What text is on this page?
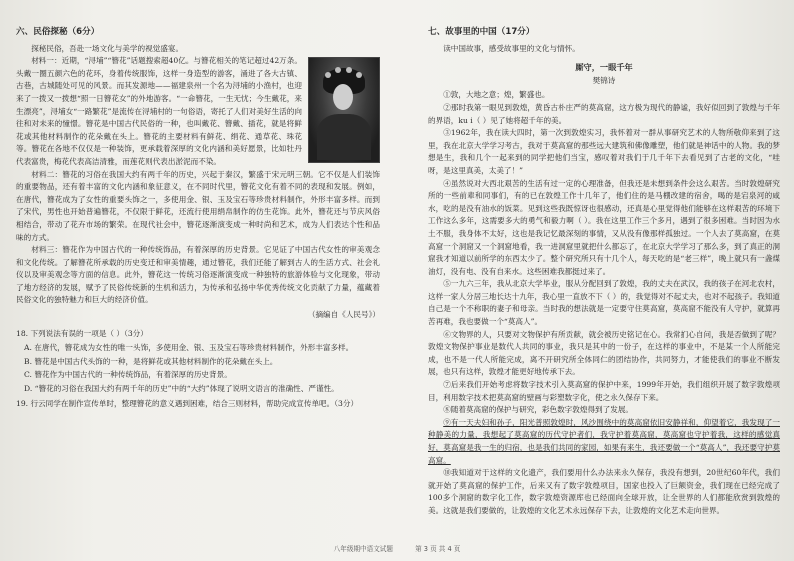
六、民俗探秘（6分）

探秘民俗，吾赴一场文化与美学的视觉盛宴。

材料一：近期，“浔埔”“簪花”话题搜索超40亿。与簪花相关的笔记超过42万条。头戴一圈五颜六色的花环，身着传统服饰，这样一身造型的游客，涌进了各大古镇、古巷，古城随处可见的风景。而其发源地——福建泉州一个名为浔埔的小渔村，也迎来了一拨又一拨想“照一日簪花女”的外地游客。“一命簪花，一生无忧；今生戴花，来生漂亮”，浔埔女“一路繁花”是流传在浔埔村的一句俗语，寄托了人们对美好生活的向往和对未来的憧憬。簪花是中国古代民俗的一种，也叫戴花、簪戴、插花，就是将鲜花或其他材料制作的花朵戴在头上。簪花的主要材料有鲜花、绢花、通草花、珠花等。簪花在各地不仅仅是一种装饰，更承载着深厚的文化内涵和美好愿景，比如牡丹代表富贵，梅花代表高洁清雅，而莲花则代表出淤泥而不染。

材料二：簪花的习俗在我国大约有两千年的历史，兴起于秦汉，繁盛于宋元明三朝。它不仅是人们装饰的重要物品，还有着丰富的文化内涵和象征意义，在不同时代里，簪花文化有着不同的表现和发展。例如，在唐代，簪花成为了女性的重要头饰之一，多使用金、银、玉及宝石等珍贵材料制作，外形丰富多样。而到了宋代，男性也开始普遍簪花，不仅限于鲜花，还流行使用绢帛制作的仿生花饰。此外，簪花还与节庆风俗相结合，带动了花卉市场的繁荣。在现代社会中，簪花逐渐演变成一种时尚和艺术，成为人们表达个性和品味的方式。

材料三：簪花作为中国古代的一种传统饰品，有着深厚的历史背景。它见证了中国古代女性的审美观念和文化传统。了解簪花所承载的历史变迁和审美情趣，通过簪花，我们还能了解到古人的生活方式、社会礼仪以及审美观念等方面的信息。此外，簪花这一传统习俗逐渐演变成一种独特的旅游体验与文化现象，带动了地方经济的发展，赋予了民俗传统新的生机和活力，为传承和弘扬中华优秀传统文化贡献了力量，蕴藏着民俗文化的独特魅力和巨大的经济价值。

（摘编自《人民号》）
18. 下列说法有误的一项是（ ）（3分）
A. 在唐代，簪花成为女性的唯一头饰，多使用金、银、玉及宝石等珍贵材料制作，外形丰富多样。
B. 簪花是中国古代头饰的一种，是将鲜花或其他材料制作的花朵戴在头上。
C. 簪花作为中国古代的一种传统饰品，有着深厚的历史背景。
D. “簪花的习俗在我国大约有两千年的历史”中的“大约”体现了说明文语言的准确性、严谨性。
19. 行云同学在制作宣传单时，整理簪花的意义遇到困难，结合三则材料，帮助完成宣传单吧。（3分）
七、故事里的中国（17分）

读中国故事，感受故事里的文化与情怀。

厮守，一眼千年
樊锦诗

①敦，大地之意；煌，繁盛也。

②那时我第一眼见到敦煌，黄昏古朴庄严的莫高窟，这方极为现代的静谧，我好似回到了敦煌与千年的界语，ku i（ ）见了她将超千年的美。

③1962年，我在读大四时，第一次到敦煌实习，我怀着对一群从事研究艺术的人物所敬仰来到了这里，我在北京大学学习考古，我对于莫高窟的那些远大建筑和佛像雕塑，他们就是神话中的人物。我的梦想是生，我和几个一起来到的同学把他们当宝，感叹着对我们于几千年下去看见到了古老的文化，“哇呀，是这里真美，太美了！”

④虽然说对大西北艰苦的生活有过一定的心理准备，但我还是未想到条件会这么艰苦。当时敦煌研究所的一些前辈和同事们，有的已在敦煌工作十几年了，他们住的是马棚改建的宿舍，喝的是宕泉河的咸水，吃的是没有油水的饭菜。见到这些我既惊讶也很感动，还真是心里觉得他们能够在这样艰苦的环境下工作这么多年，这需要多大的勇气和毅力啊（ ）。我在这里工作三个多月，遇到了很多困难。当时因为水土不服，我身体不太好，这也是我记忆最深刻的事情，又从没有像那样孤独过。一个人去了莫高窟，在莫高窟一个洞窟又一个洞窟地看，我一进洞窟里就把什么都忘了，在北京大学学习了那么多，到了真正的洞窟我才知道以前所学的东西太少了。整个研究所只有十几个人，每天吃的是“老三样”，晚上就只有一盏煤油灯，没有电、没有自来水。这些困难我都挺过来了。

⑤一九六三年，我从北京大学毕业，服从分配回到了敦煌，我的丈夫在武汉，我的孩子在河北农村，这样一家人分居三地长达十九年，我心里一直放不下（ ）的，我觉得对不起丈夫，也对不起孩子。我知道自己是一个不称职的妻子和母亲。当时我的想法就是一定要守住莫高窟，莫高窟不能没有人守护，就算再苦再难，我也要做一个“莫高人”。

⑥文物界的人，只要对文物保护有所贡献，就会被历史铭记在心。我常扪心自问，我是否做到了呢？敦煌文物保护事业是数代人共同的事业，我只是其中的一份子，在这样的事业中，不是某一个人所能完成，也不是一代人所能完成，离不开研究所全体同仁的团结协作，共同努力，才能使我们的事业不断发展，也只有这样，敦煌才能更好地传承下去。

⑦后来我们开始考虑将数字技术引入莫高窟的保护中来，1999年开始，我们组织开展了数字敦煌项目，利用数字技术把莫高窟的壁画与彩塑数字化，使之永久保存下来。

⑧随着莫高窟的保护与研究，彩色数字敦煌得到了发展。

⑨有一天夫妇和孙子，阳光普照敦煌时，风沙围绕中的莫高窟依旧安静祥和，仰望着它，我发现了一种静美的力量，我想起了莫高窟的历代守护者们，我守护着莫高窟，莫高窟也守护着我，这样的感觉真好，莫高窟是我一生的归宿，也是我们共同的家园，如果有来生，我还要做一个“莫高人”，我还要守护莫高窟。

⑩我知道对于这样的文化遗产，我们要用什么办法来永久保存，我没有想到，20世纪60年代，我们就开始了莫高窟的保护工作，后来又有了数字敦煌项目，国家也投入了巨额资金，我们现在已经完成了100多个洞窟的数字化工作，数字敦煌资源库也已经面向全球开放，让全世界的人们都能欣赏到敦煌的美。这就是我们要做的，让敦煌的文化艺术永远保存下去，让敦煌的文化艺术走向世界。

八年级期中语文试题	第 3 页 共 4 页
